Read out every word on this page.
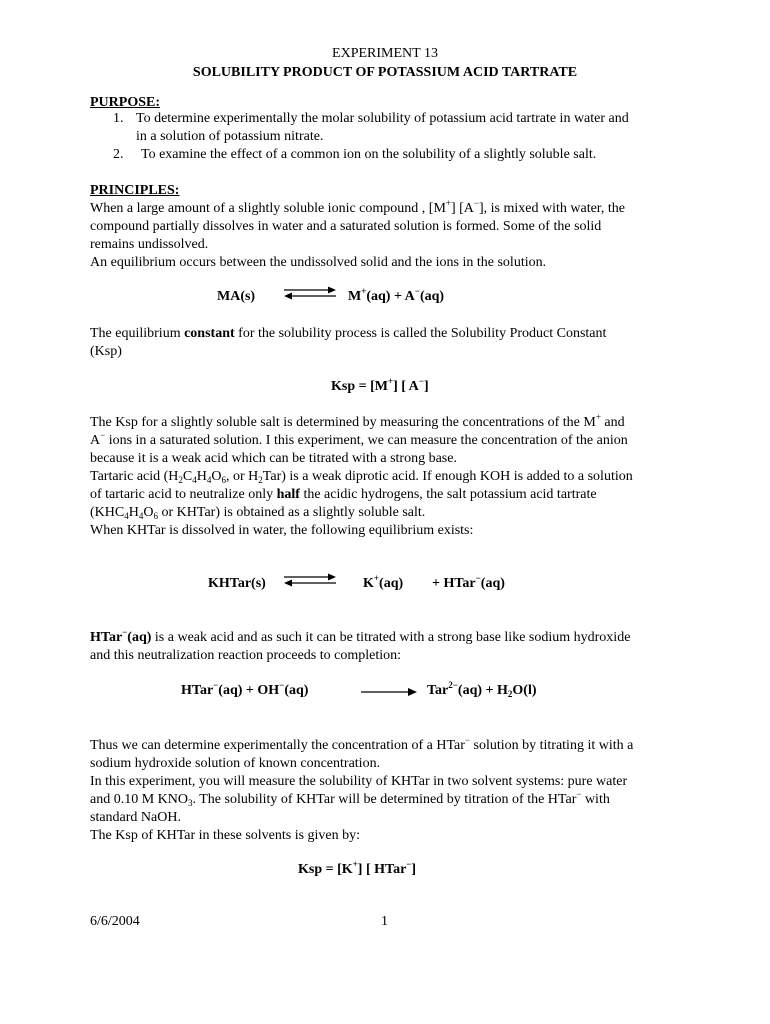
EXPERIMENT 13
SOLUBILITY PRODUCT OF POTASSIUM ACID TARTRATE
PURPOSE:
1. To determine experimentally the molar solubility of potassium acid tartrate in water and
in a solution of potassium nitrate.
2. To examine the effect of a common ion on the solubility of a slightly soluble salt.
PRINCIPLES:
When a large amount of a slightly soluble ionic compound , [M+] [A−], is mixed with water, the
compound partially dissolves in water and a saturated solution is formed. Some of the solid
remains undissolved.
An equilibrium occurs between the undissolved solid and the ions in the solution.
MA(s) ⇌ M+(aq) + A−(aq)
The equilibrium constant for the solubility process is called the Solubility Product Constant
(Ksp)
Ksp = [M+] [ A−]
The Ksp for a slightly soluble salt is determined by measuring the concentrations of the M+ and
A− ions in a saturated solution. I this experiment, we can measure the concentration of the anion
because it is a weak acid which can be titrated with a strong base.
Tartaric acid ($H_2C_4H_4O_6$, or $H_2Tar$) is a weak diprotic acid. If enough KOH is added to a solution
of tartaric acid to neutralize only half the acidic hydrogens, the salt potassium acid tartrate
($KHC_4H_4O_6$ or KHTar) is obtained as a slightly soluble salt.
When KHTar is dissolved in water, the following equilibrium exists:
KHTar(s) ⇌ K+(aq) + HTar−(aq)
HTar−(aq) is a weak acid and as such it can be titrated with a strong base like sodium hydroxide
and this neutralization reaction proceeds to completion:
HTar−(aq) + OH−(aq)	$Tar^{2-}(aq) + H_2O(l)$
Thus we can determine experimentally the concentration of a HTar− solution by titrating it with a
sodium hydroxide solution of known concentration.
In this experiment, you will measure the solubility of KHTar in two solvent systems: pure water
and 0.10 M $KNO_3$. The solubility of KHTar will be determined by titration of the HTar− with
standard NaOH.
The Ksp of KHTar in these solvents is given by:
Ksp = [K+] [ HTar−]
6/6/2004	1
